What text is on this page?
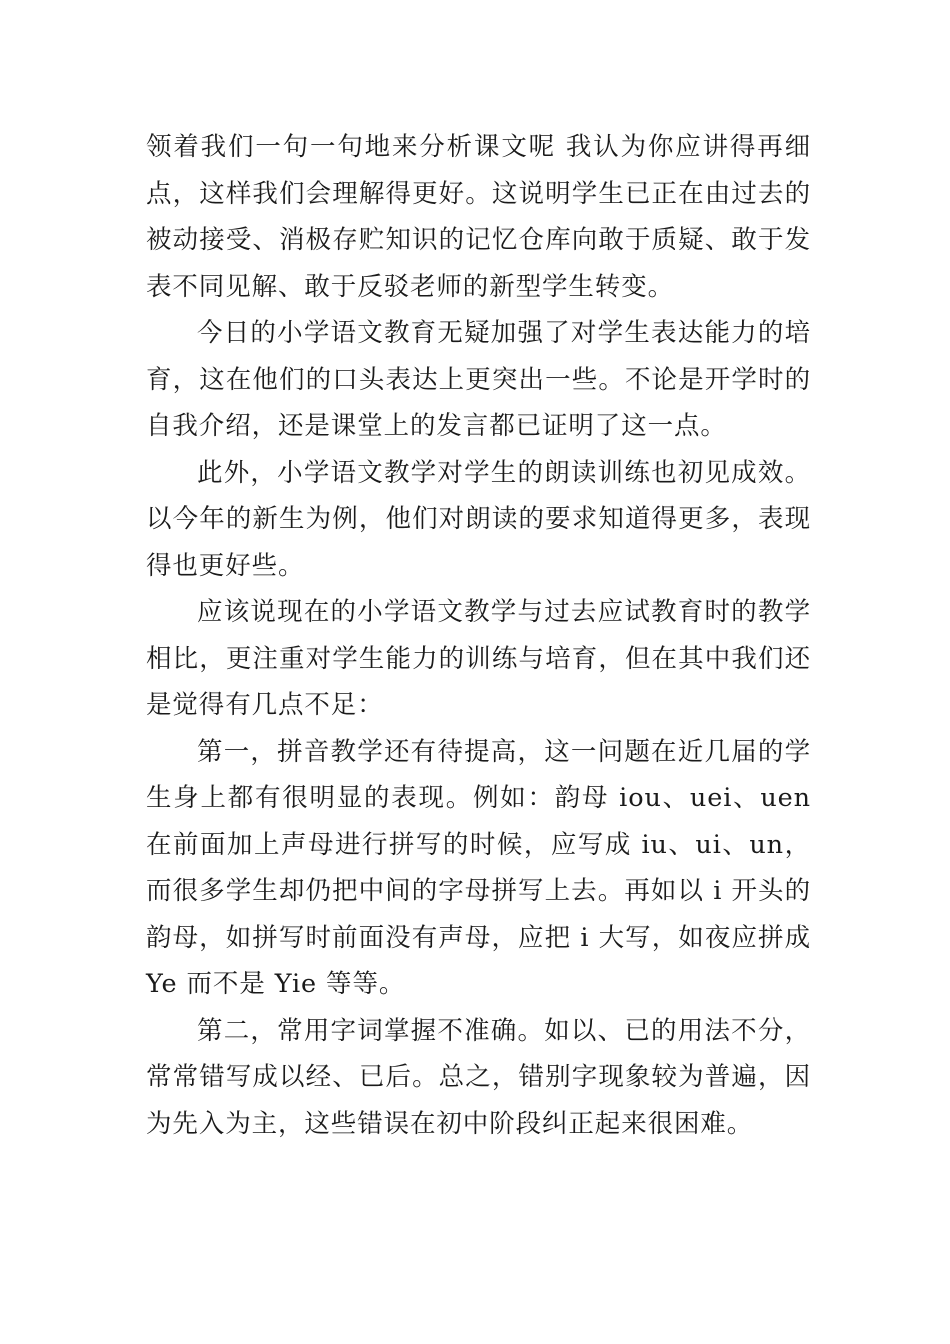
领着我们一句一句地来分析课文呢 我认为你应讲得再细点，这样我们会理解得更好。这说明学生已正在由过去的被动接受、消极存贮知识的记忆仓库向敢于质疑、敢于发表不同见解、敢于反驳老师的新型学生转变。

今日的小学语文教育无疑加强了对学生表达能力的培育，这在他们的口头表达上更突出一些。不论是开学时的自我介绍，还是课堂上的发言都已证明了这一点。

此外，小学语文教学对学生的朗读训练也初见成效。以今年的新生为例，他们对朗读的要求知道得更多，表现得也更好些。

应该说现在的小学语文教学与过去应试教育时的教学相比，更注重对学生能力的训练与培育，但在其中我们还是觉得有几点不足：

第一，拼音教学还有待提高，这一问题在近几届的学生身上都有很明显的表现。例如：韵母 iou、uei、uen 在前面加上声母进行拼写的时候，应写成 iu、ui、un，而很多学生却仍把中间的字母拼写上去。再如以 i 开头的韵母，如拼写时前面没有声母，应把 i 大写，如夜应拼成 Ye 而不是 Yie 等等。

第二，常用字词掌握不准确。如以、已的用法不分，常常错写成以经、已后。总之，错别字现象较为普遍，因为先入为主，这些错误在初中阶段纠正起来很困难。
